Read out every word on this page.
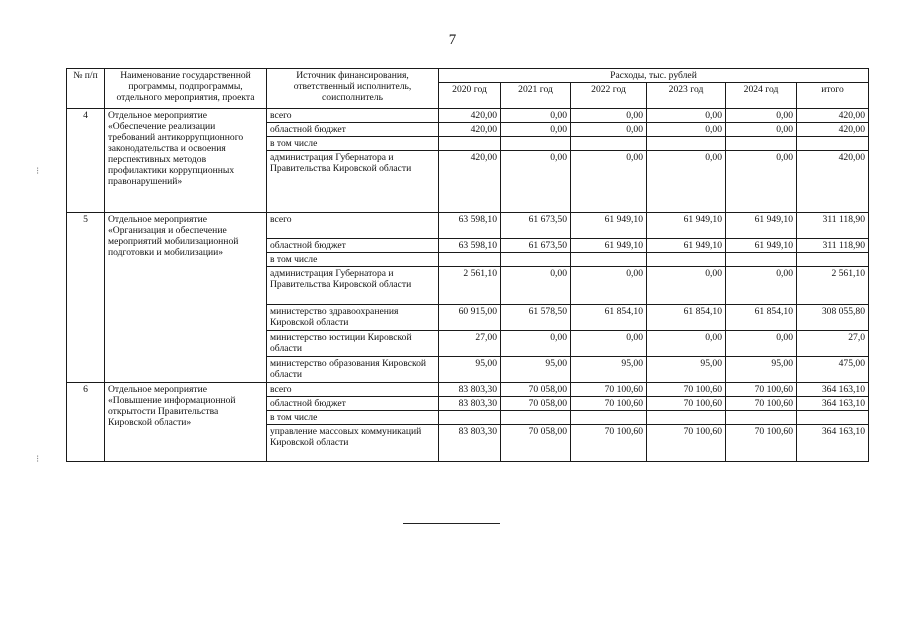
7
№ п/п	Наименование государственной программы, подпрограммы, отдельного мероприятия, проекта	Источник финансирования, ответственный исполнитель, соисполнитель	Расходы, тыс. рублей					
			2020 год	2021 год	2022 год	2023 год	2024 год	итого
4	Отдельное мероприятие «Обеспечение реализации требований антикоррупционного законодательства и освоения перспективных методов профилактики коррупционных правонарушений»	всего	420,00	0,00	0,00	0,00	0,00	420,00
		областной бюджет	420,00	0,00	0,00	0,00	0,00	420,00
		в том числе						
		администрация Губернатора и Правительства Кировской области	420,00	0,00	0,00	0,00	0,00	420,00
5	Отдельное мероприятие «Организация и обеспечение мероприятий мобилизационной подготовки и мобилизации»	всего	63 598,10	61 673,50	61 949,10	61 949,10	61 949,10	311 118,90
		областной бюджет	63 598,10	61 673,50	61 949,10	61 949,10	61 949,10	311 118,90
		в том числе						
		администрация Губернатора и Правительства Кировской области	2 561,10	0,00	0,00	0,00	0,00	2 561,10
		министерство здравоохранения Кировской области	60 915,00	61 578,50	61 854,10	61 854,10	61 854,10	308 055,80
		министерство юстиции Кировской области	27,00	0,00	0,00	0,00	0,00	27,0
		министерство образования Кировской области	95,00	95,00	95,00	95,00	95,00	475,00
6	Отдельное мероприятие «Повышение информационной открытости Правительства Кировской области»	всего	83 803,30	70 058,00	70 100,60	70 100,60	70 100,60	364 163,10
		областной бюджет	83 803,30	70 058,00	70 100,60	70 100,60	70 100,60	364 163,10
		в том числе						
		управление массовых коммуникаций Кировской области	83 803,30	70 058,00	70 100,60	70 100,60	70 100,60	364 163,10
⁝
⁝
